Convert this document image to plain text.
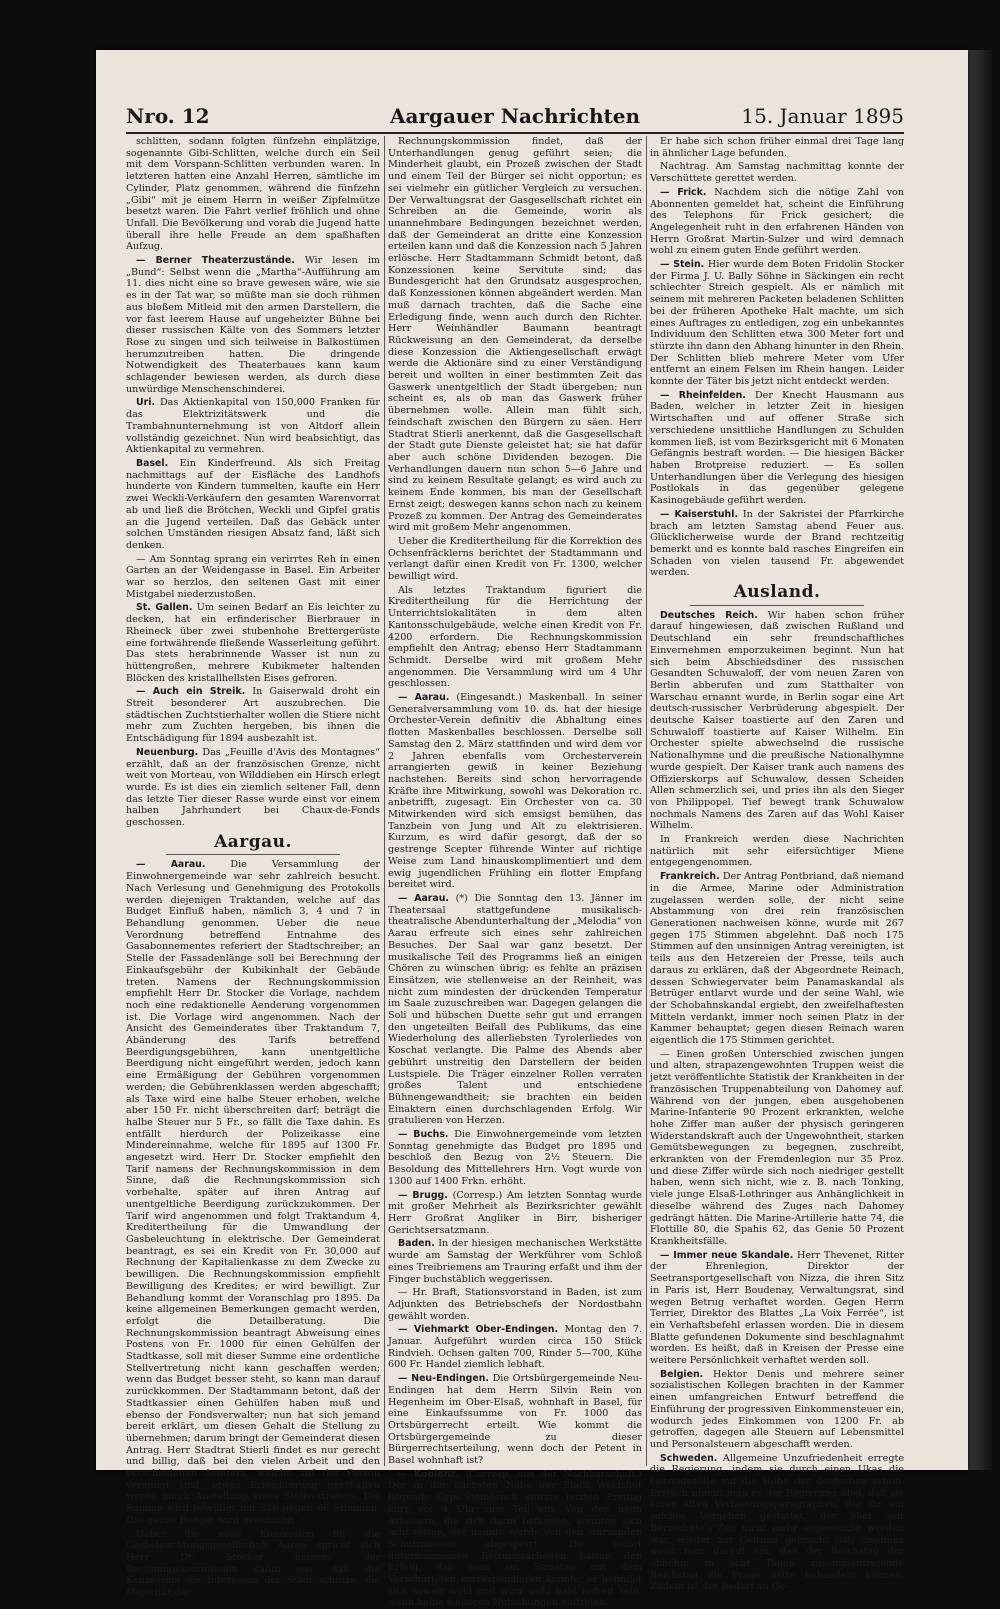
Nro. 12	Aargauer Nachrichten	15. Januar 1895

schlitten, sodann folgten fünfzehn einplätzige, sogenannte Gibi-Schlitten, welche durch ein Seil mit dem Vorspann-Schlitten verbunden waren. In letzteren hatten eine Anzahl Herren, sämtliche im Cylinder, Platz genommen, während die fünfzehn „Gibi“ mit je einem Herrn in weißer Zipfelmütze besetzt waren. Die Fahrt verlief fröhlich und ohne Unfall. Die Bevölkerung und vorab die Jugend hatte überall ihre helle Freude an dem spaßhaften Aufzug.

— Berner Theaterzustände. Wir lesen im „Bund“: Selbst wenn die „Martha“-Aufführung am 11. dies nicht eine so brave gewesen wäre, wie sie es in der Tat war, so müßte man sie doch rühmen aus bloßem Mitleid mit den armen Darstellern, die vor fast leerem Hause auf ungeheizter Bühne bei dieser russischen Kälte von des Sommers letzter Rose zu singen und sich teilweise in Balkostümen herumzutreiben hatten. Die dringende Notwendigkeit des Theaterbaues kann kaum schlagender bewiesen werden, als durch diese unwürdige Menschenschinderei.

Uri. Das Aktienkapital von 150,000 Franken für das Elektrizitätswerk und die Trambahnunternehmung ist von Altdorf allein vollständig gezeichnet. Nun wird beabsichtigt, das Aktienkapital zu vermehren.

Basel. Ein Kinderfreund. Als sich Freitag nachmittags auf der Eisfläche des Landhofs hunderte von Kindern tummelten, kaufte ein Herr zwei Weckli-Verkäufern den gesamten Warenvorrat ab und ließ die Brötchen, Weckli und Gipfel gratis an die Jugend verteilen. Daß das Gebäck unter solchen Umständen riesigen Absatz fand, läßt sich denken.

— Am Sonntag sprang ein verirrtes Reh in einen Garten an der Weidengasse in Basel. Ein Arbeiter war so herzlos, den seltenen Gast mit einer Mistgabel niederzustoßen.

St. Gallen. Um seinen Bedarf an Eis leichter zu decken, hat ein erfinderischer Bierbrauer in Rheineck über zwei stubenhohe Brettergerüste eine fortwährende fließende Wasserleitung geführt. Das stets herabrinnende Wasser ist nun zu hüttengroßen, mehrere Kubikmeter haltenden Blöcken des kristallhellsten Eises gefroren.

— Auch ein Streik. In Gaiserwald droht ein Streit besonderer Art auszubrechen. Die städtischen Zuchtstierhalter wollen die Stiere nicht mehr zum Zuchten hergeben, bis ihnen die Entschädigung für 1894 ausbezahlt ist.

Neuenburg. Das „Feuille d'Avis des Montagnes“ erzählt, daß an der französischen Grenze, nicht weit von Morteau, von Wilddieben ein Hirsch erlegt wurde. Es ist dies ein ziemlich seltener Fall, denn das letzte Tier dieser Rasse wurde einst vor einem halben Jahrhundert bei Chaux-de-Fonds geschossen.

Aargau.

— Aarau. Die Versammlung der Einwohnergemeinde war sehr zahlreich besucht. Nach Verlesung und Genehmigung des Protokolls werden diejenigen Traktanden, welche auf das Budget Einfluß haben, nämlich 3, 4 und 7 in Behandlung genommen. Ueber die neue Verordnung betreffend Entnahme des Gasabonnementes referiert der Stadtschreiber; an Stelle der Fassadenlänge soll bei Berechnung der Einkaufsgebühr der Kubikinhalt der Gebäude treten. Namens der Rechnungskommission empfiehlt Herr Dr. Stocker die Vorlage, nachdem noch eine redaktionelle Aenderung vorgenommen ist. Die Vorlage wird angenommen. Nach der Ansicht des Gemeinderates über Traktandum 7, Abänderung des Tarifs betreffend Beerdigungsgebühren, kann unentgeltliche Beerdigung nicht eingeführt werden, jedoch kann eine Ermäßigung der Gebühren vorgenommen werden; die Gebührenklassen werden abgeschafft; als Taxe wird eine halbe Steuer erhoben, welche aber 150 Fr. nicht überschreiten darf; beträgt die halbe Steuer nur 5 Fr., so fällt die Taxe dahin. Es entfällt hierdurch der Polizeikasse eine Mindereinnahme, welche für 1895 auf 1300 Fr. angesetzt wird. Herr Dr. Stocker empfiehlt den Tarif namens der Rechnungskommission in dem Sinne, daß die Rechnungskommission sich vorbehalte, später auf ihren Antrag auf unentgeltliche Beerdigung zurückzukommen. Der Tarif wird angenommen und folgt Traktandum 4, Kreditertheilung für die Umwandlung der Gasbeleuchtung in elektrische. Der Gemeinderat beantragt, es sei ein Kredit von Fr. 30,000 auf Rechnung der Kapitalienkasse zu dem Zwecke zu bewilligen. Die Rechnungskommission empfiehlt Bewilligung des Kredites; er wird bewilligt. Zur Behandlung kommt der Voranschlag pro 1895. Da keine allgemeinen Bemerkungen gemacht werden, erfolgt die Detailberatung. Die Rechnungskommission beantragt Abweisung eines Postens von Fr. 1000 für einen Gehülfen der Stadtkasse, soll mit dieser Summe eine ordentliche Stellvertretung nicht kann geschaffen werden; wenn das Budget besser steht, so kann man darauf zurückkommen. Der Stadtammann betont, daß der Stadtkassier einen Gehülfen haben muß und ebenso der Fondsverwalter; nun hat sich jemand bereit erklärt, um diesen Gehalt die Stellung zu übernehmen; darum bringt der Gemeinderat diesen Antrag. Herr Stadtrat Stierli findet es nur gerecht und billig, daß bei den vielen Arbeit und den verschiedenen Aemtern, welche auf der Person vereinigt sind, etwas Erleichterung geschaffen werde durch Anstellung eines Stellvertreters. Die Summe wird bewilligt mit 316 gegen 66 Stimmen. Das ganze Budget wird genehmigt.

Ueber die neue Konzession für die Gasbeleuchtungsgesellschaft Aarau spricht sich Herr Dr. Stocker namens der Rechnungskommission dahin aus, daß die Konzession die Interessen der Stadt schütze; die Majorität der

Rechnungskommission findet, daß der Unterhandlungen genug geführt seien; die Minderheit glaubt, ein Prozeß zwischen der Stadt und einem Teil der Bürger sei nicht opportun; es sei vielmehr ein gütlicher Vergleich zu versuchen. Der Verwaltungsrat der Gasgesellschaft richtet ein Schreiben an die Gemeinde, worin als unannehmbare Bedingungen bezeichnet werden, daß der Gemeinderat an dritte eine Konzession erteilen kann und daß die Konzession nach 5 Jahren erlösche. Herr Stadtammann Schmidt betont, daß Konzessionen keine Servitute sind; das Bundesgericht hat den Grundsatz ausgesprochen, daß Konzessionen können abgeändert werden. Man muß darnach trachten, daß die Sache eine Erledigung finde, wenn auch durch den Richter. Herr Weinhändler Baumann beantragt Rückweisung an den Gemeinderat, da derselbe diese Konzession die Aktiengesellschaft erwägt werde die Aktionäre sind zu einer Verständigung bereit und wollten in einer bestimmten Zeit das Gaswerk unentgeltlich der Stadt übergeben; nun scheint es, als ob man das Gaswerk früher übernehmen wolle. Allein man fühlt sich, feindschaft zwischen den Bürgern zu säen. Herr Stadtrat Stierli anerkennt, daß die Gasgesellschaft der Stadt gute Dienste geleistet hat; sie hat dafür aber auch schöne Dividenden bezogen. Die Verhandlungen dauern nun schon 5—6 Jahre und sind zu keinem Resultate gelangt; es wird auch zu keinem Ende kommen, bis man der Gesellschaft Ernst zeigt; deswegen kanns schon nach zu keinem Prozeß zu kommen. Der Antrag des Gemeinderates wird mit großem Mehr angenommen.

Ueber die Kreditertheilung für die Korrektion des Ochsenfräcklerns berichtet der Stadtammann und verlangt dafür einen Kredit von Fr. 1300, welcher bewilligt wird.

Als letztes Traktandum figuriert die Kreditertheilung für die Herrichtung der Unterrichtslokalitäten in dem alten Kantonsschulgebäude, welche einen Kredit von Fr. 4200 erfordern. Die Rechnungskommission empfiehlt den Antrag; ebenso Herr Stadtammann Schmidt. Derselbe wird mit großem Mehr angenommen. Die Versammlung wird um 4 Uhr geschlossen.

— Aarau. (Eingesandt.) Maskenball. In seiner Generalversammlung vom 10. ds. hat der hiesige Orchester-Verein definitiv die Abhaltung eines flotten Maskenballes beschlossen. Derselbe soll Samstag den 2. März stattfinden und wird dem vor 2 Jahren ebenfalls vom Orchesterverein arrangierten gewiß in keiner Beziehung nachstehen. Bereits sind schon hervorragende Kräfte ihre Mitwirkung, sowohl was Dekoration rc. anbetrifft, zugesagt. Ein Orchester von ca. 30 Mitwirkenden wird sich emsigst bemühen, das Tanzbein von Jung und Alt zu elektrisieren. Kurzum, es wird dafür gesorgt, daß der so gestrenge Scepter führende Winter auf richtige Weise zum Land hinauskomplimentiert und dem ewig jugendlichen Frühling ein flotter Empfang bereitet wird.

— Aarau. (*) Die Sonntag den 13. Jänner im Theatersaal stattgefundene musikalisch-theatralische Abendunterhaltung der „Melodia“ von Aarau erfreute sich eines sehr zahlreichen Besuches. Der Saal war ganz besetzt. Der musikalische Teil des Programms ließ an einigen Chören zu wünschen übrig; es fehlte an präzisen Einsätzen, wie stellenweise an der Reinheit, was nicht zum mindesten der drückenden Temperatur im Saale zuzuschreiben war. Dagegen gelangen die Soli und hübschen Duette sehr gut und errangen den ungeteilten Beifall des Publikums, das eine Wiederholung des allerliebsten Tyrolerliedes von Koschat verlangte. Die Palme des Abends aber gebührt unstreitig den Darstellern der beiden Lustspiele. Die Träger einzelner Rollen verraten großes Talent und entschiedene Bühnengewandtheit; sie brachten ein beiden Einaktern einen durchschlagenden Erfolg. Wir gratulieren von Herzen.

— Buchs. Die Einwohnergemeinde vom letzten Sonntag genehmigte das Budget pro 1895 und beschloß den Bezug von 2½ Steuern. Die Besoldung des Mittellehrers Hrn. Vogt wurde von 1300 auf 1400 Frkn. erhöht.

— Brugg. (Corresp.) Am letzten Sonntag wurde mit großer Mehrheit als Bezirksrichter gewählt Herr Großrat Angliker in Birr, bisheriger Gerichtsersatzmann.

Baden. In der hiesigen mechanischen Werkstätte wurde am Samstag der Werkführer vom Schloß eines Treibriemens am Trauring erfaßt und ihm der Finger buchstäblich weggerissen.

— Hr. Braft, Stationsvorstand in Baden, ist zum Adjunkten des Betriebschefs der Nordostbahn gewählt worden.

— Viehmarkt Ober-Endingen. Montag den 7. Januar. Aufgeführt wurden circa 150 Stück Rindvieh. Ochsen galten 700, Rinder 5—700, Kühe 600 Fr. Handel ziemlich lebhaft.

— Neu-Endingen. Die Ortsbürgergemeinde Neu-Endingen hat dem Herrn Silvin Rein von Hegenheim im Ober-Elsaß, wohnhaft in Basel, für eine Einkaufssumme von Fr. 1000 das Ortsbürgerrecht erteilt. Wie kommt die Ortsbürgergemeinde zu dieser Bürgerrechtserteilung, wenn doch der Petent in Basel wohnhaft ist?

— Koblenz. (Corresp. aus der Nachbarschaft.) Der in der nächsten Nähe der Stadt Waldshut liegende Gyps-Steinbruch stürzte letzten Freitag kurz vor 4 Uhr zum Teil ein. Von den neun Arbeitern, die sich darin befanden, konnten sich acht retten, der neunte wurde von den stürzenden Schuttmassen abgesperrt. Die sofort unternommenen Rettungsarbeiten hatten den Erfolg, daß man am Samstag mit dem Verschütteten korrespondieren konnte; er befindet sich soweit wohl und wird wohl bald befreit sein, wenn keine weiteren Nutschungen eintreten.

Er habe sich schon früher einmal drei Tage lang in ähnlicher Lage befunden.

Nachtrag. Am Samstag nachmittag konnte der Verschüttete gerettet werden.

— Frick. Nachdem sich die nötige Zahl von Abonnenten gemeldet hat, scheint die Einführung des Telephons für Frick gesichert; die Angelegenheit ruht in den erfahrenen Händen von Herrn Großrat Martin-Sulzer und wird demnach wohl zu einem guten Ende geführt werden.

— Stein. Hier wurde dem Boten Fridolin Stocker der Firma J. U. Bally Söhne in Säckingen ein recht schlechter Streich gespielt. Als er nämlich mit seinem mit mehreren Packeten beladenen Schlitten bei der früheren Apotheke Halt machte, um sich eines Auftrages zu entledigen, zog ein unbekanntes Individuum den Schlitten etwa 300 Meter fort und stürzte ihn dann den Abhang hinunter in den Rhein. Der Schlitten blieb mehrere Meter vom Ufer entfernt an einem Felsen im Rhein hangen. Leider konnte der Täter bis jetzt nicht entdeckt werden.

— Rheinfelden. Der Knecht Hausmann aus Baden, welcher in letzter Zeit in hiesigen Wirtschaften und auf offener Straße sich verschiedene unsittliche Handlungen zu Schulden kommen ließ, ist vom Bezirksgericht mit 6 Monaten Gefängnis bestraft worden. — Die hiesigen Bäcker haben Brotpreise reduziert. — Es sollen Unterhandlungen über die Verlegung des hiesigen Postlokals in das gegenüber gelegene Kasinogebäude geführt werden.

— Kaiserstuhl. In der Sakristei der Pfarrkirche brach am letzten Samstag abend Feuer aus. Glücklicherweise wurde der Brand rechtzeitig bemerkt und es konnte bald rasches Eingreifen ein Schaden von vielen tausend Fr. abgewendet werden.

Ausland.

Deutsches Reich. Wir haben schon früher darauf hingewiesen, daß zwischen Rußland und Deutschland ein sehr freundschaftliches Einvernehmen emporzukeimen beginnt. Nun hat sich beim Abschiedsdiner des russischen Gesandten Schuwaloff, der vom neuen Zaren von Berlin abberufen und zum Statthalter von Warschau ernannt wurde, in Berlin sogar eine Art deutsch-russischer Verbrüderung abgespielt. Der deutsche Kaiser toastierte auf den Zaren und Schuwaloff toastierte auf Kaiser Wilhelm. Ein Orchester spielte abwechselnd die russische Nationalhymne und die preußische Nationalhymne wurde gespielt. Der Kaiser trank auch namens des Offizierskorps auf Schuwalow, dessen Scheiden Allen schmerzlich sei, und pries ihn als den Sieger von Philippopel. Tief bewegt trank Schuwalow nochmals Namens des Zaren auf das Wohl Kaiser Wilhelm.

In Frankreich werden diese Nachrichten natürlich mit sehr eifersüchtiger Miene entgegengenommen.

Frankreich. Der Antrag Pontbriand, daß niemand in die Armee, Marine oder Administration zugelassen werden solle, der nicht seine Abstammung von drei rein französischen Generationen nachweisen könne, wurde mit 267 gegen 175 Stimmen abgelehnt. Daß noch 175 Stimmen auf den unsinnigen Antrag vereinigten, ist teils aus den Hetzereien der Presse, teils auch daraus zu erklären, daß der Abgeordnete Reinach, dessen Schwiegervater beim Panamaskandal als Betrüger entlarvt wurde und der seine Wahl, wie der Schobahnskandal ergiebt, den zweifelhaftesten Mitteln verdankt, immer noch seinen Platz in der Kammer behauptet; gegen diesen Reinach waren eigentlich die 175 Stimmen gerichtet.

— Einen großen Unterschied zwischen jungen und alten, strapazengewohnten Truppen weist die jetzt veröffentlichte Statistik der Krankheiten in der französischen Truppenabteilung von Dahomey auf. Während von der jungen, eben ausgehobenen Marine-Infanterie 90 Prozent erkrankten, welche hohe Ziffer man außer der physisch geringeren Widerstandskraft auch der Ungewohntheit, starken Gemütsbewegungen zu begegnen, zuschreibt, erkrankten von der Fremdenlegion nur 35 Proz. und diese Ziffer würde sich noch niedriger gestellt haben, wenn sich nicht, wie z. B. nach Tonking, viele junge Elsaß-Lothringer aus Anhänglichkeit in dieselbe während des Zuges nach Dahomey gedrängt hätten. Die Marine-Artillerie hatte 74, die Flottille 80, die Spahis 62, das Genie 50 Prozent Krankheitsfälle.

— Immer neue Skandale. Herr Thevenet, Ritter der Ehrenlegion, Direktor der Seetransportgesellschaft von Nizza, die ihren Sitz in Paris ist, Herr Boudenay, Verwaltungsrat, sind wegen Betrug verhaftet worden. Gegen Herrn Terrier, Direktor des Blattes „La Voix Ferrée“, ist ein Verhaftsbefehl erlassen worden. Die in diesem Blatte gefundenen Dokumente sind beschlagnahmt worden. Es heißt, daß in Kreisen der Presse eine weitere Persönlichkeit verhaftet werden soll.

Belgien. Hektor Denis und mehrere seiner sozialistischen Kollegen brachten in der Kammer einen umfangreichen Entwurf betreffend die Einführung der progressiven Einkommensteuer ein, wodurch jedes Einkommen von 1200 Fr. ab getroffen, dagegen alle Steuern auf Lebensmittel und Personalsteuern abgeschafft werden.

Schweden. Allgemeine Unzufriedenheit erregte die Regierung, indem sie durch einen Ukas die Getreidezölle auf die Höhe der deutschen erhob. Erstlich nimmt man es der Regierung übel, daß sie einen alten Verfassungsparagraphen, der ihr ein solches Vorgehen gestattet, der aber seit Bernadotte's Zeit nicht mehr angewendet worden war, wieder zur Geltung gebracht hat; zweitens weist man darauf hin, daß der Reichstag der ohnehin in acht Tagen zusammentretende Reichstag die Frage hätte behandeln können. Zudem ist der Bedarf an Ge-
